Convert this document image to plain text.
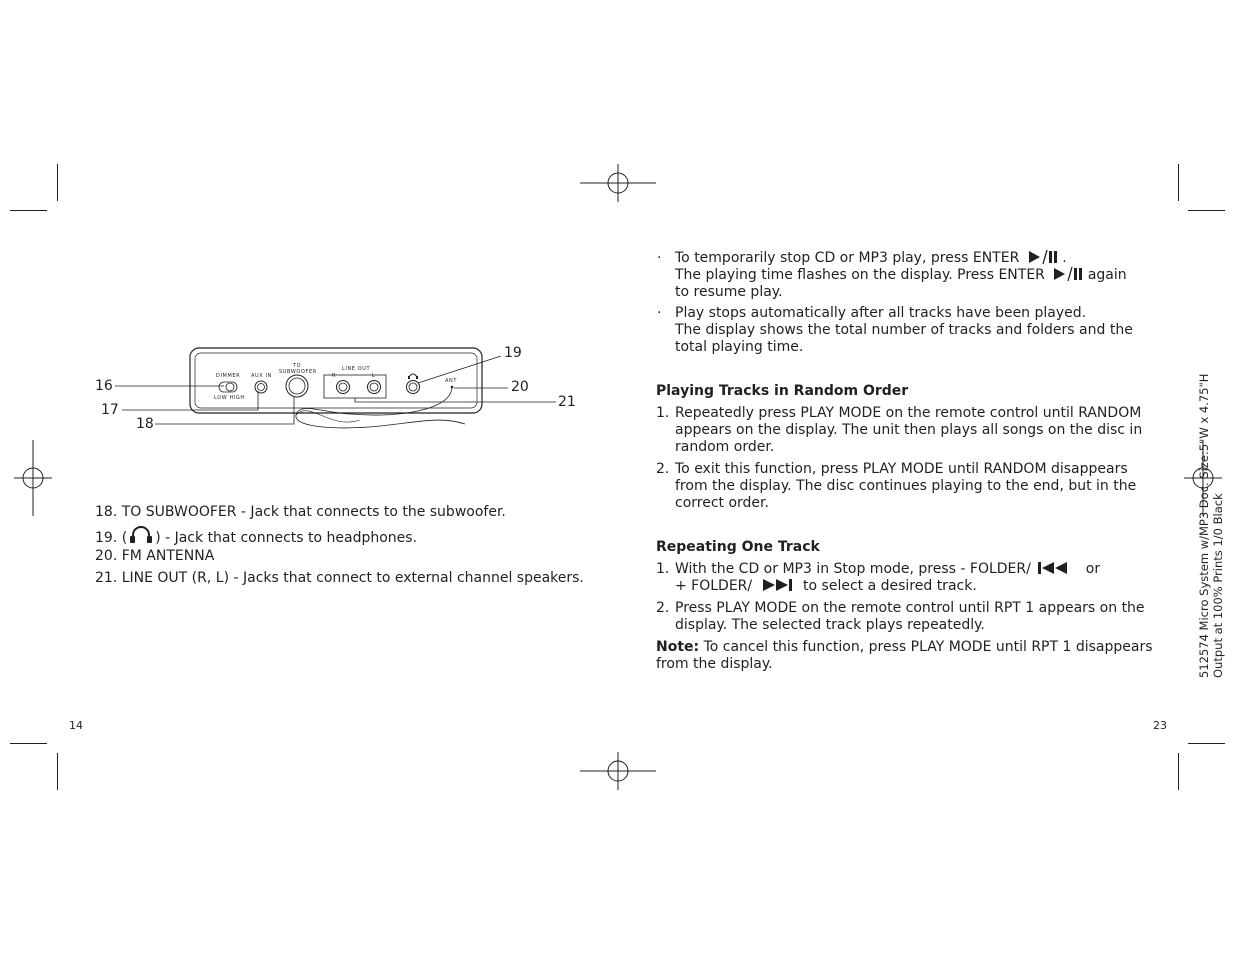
DIMMER
LOW HIGH
AUX IN
TO
SUBWOOFER	LINE OUT
R	L
ANT
16
17
18
19
20
21
18. TO SUBWOOFER - Jack that connects to the subwoofer.
19. ( ) - Jack that connects to headphones.
20. FM ANTENNA
21. LINE OUT (R, L) - Jacks that connect to external channel speakers.
14
· To temporarily stop CD or MP3 play, press ENTER	.
The playing time flashes on the display. Press ENTER	again
to resume play.
· Play stops automatically after all tracks have been played.
The display shows the total number of tracks and folders and the
total playing time.
Playing Tracks in Random Order
1. Repeatedly press PLAY MODE on the remote control until RANDOM
appears on the display. The unit then plays all songs on the disc in
random order.
2. To exit this function, press PLAY MODE until RANDOM disappears
from the display. The disc continues playing to the end, but in the
correct order.
Repeating One Track
1. With the CD or MP3 in Stop mode, press - FOLDER/	or
+ FOLDER/	to select a desired track.
2. Press PLAY MODE on the remote control until RPT 1 appears on the
display. The selected track plays repeatedly.
Note: To cancel this function, press PLAY MODE until RPT 1 disappears
from the display.
23
512574 Micro System w/MP3 Doc. Size:5"W x 4.75"H Output at 100% Prints 1/0 Black
